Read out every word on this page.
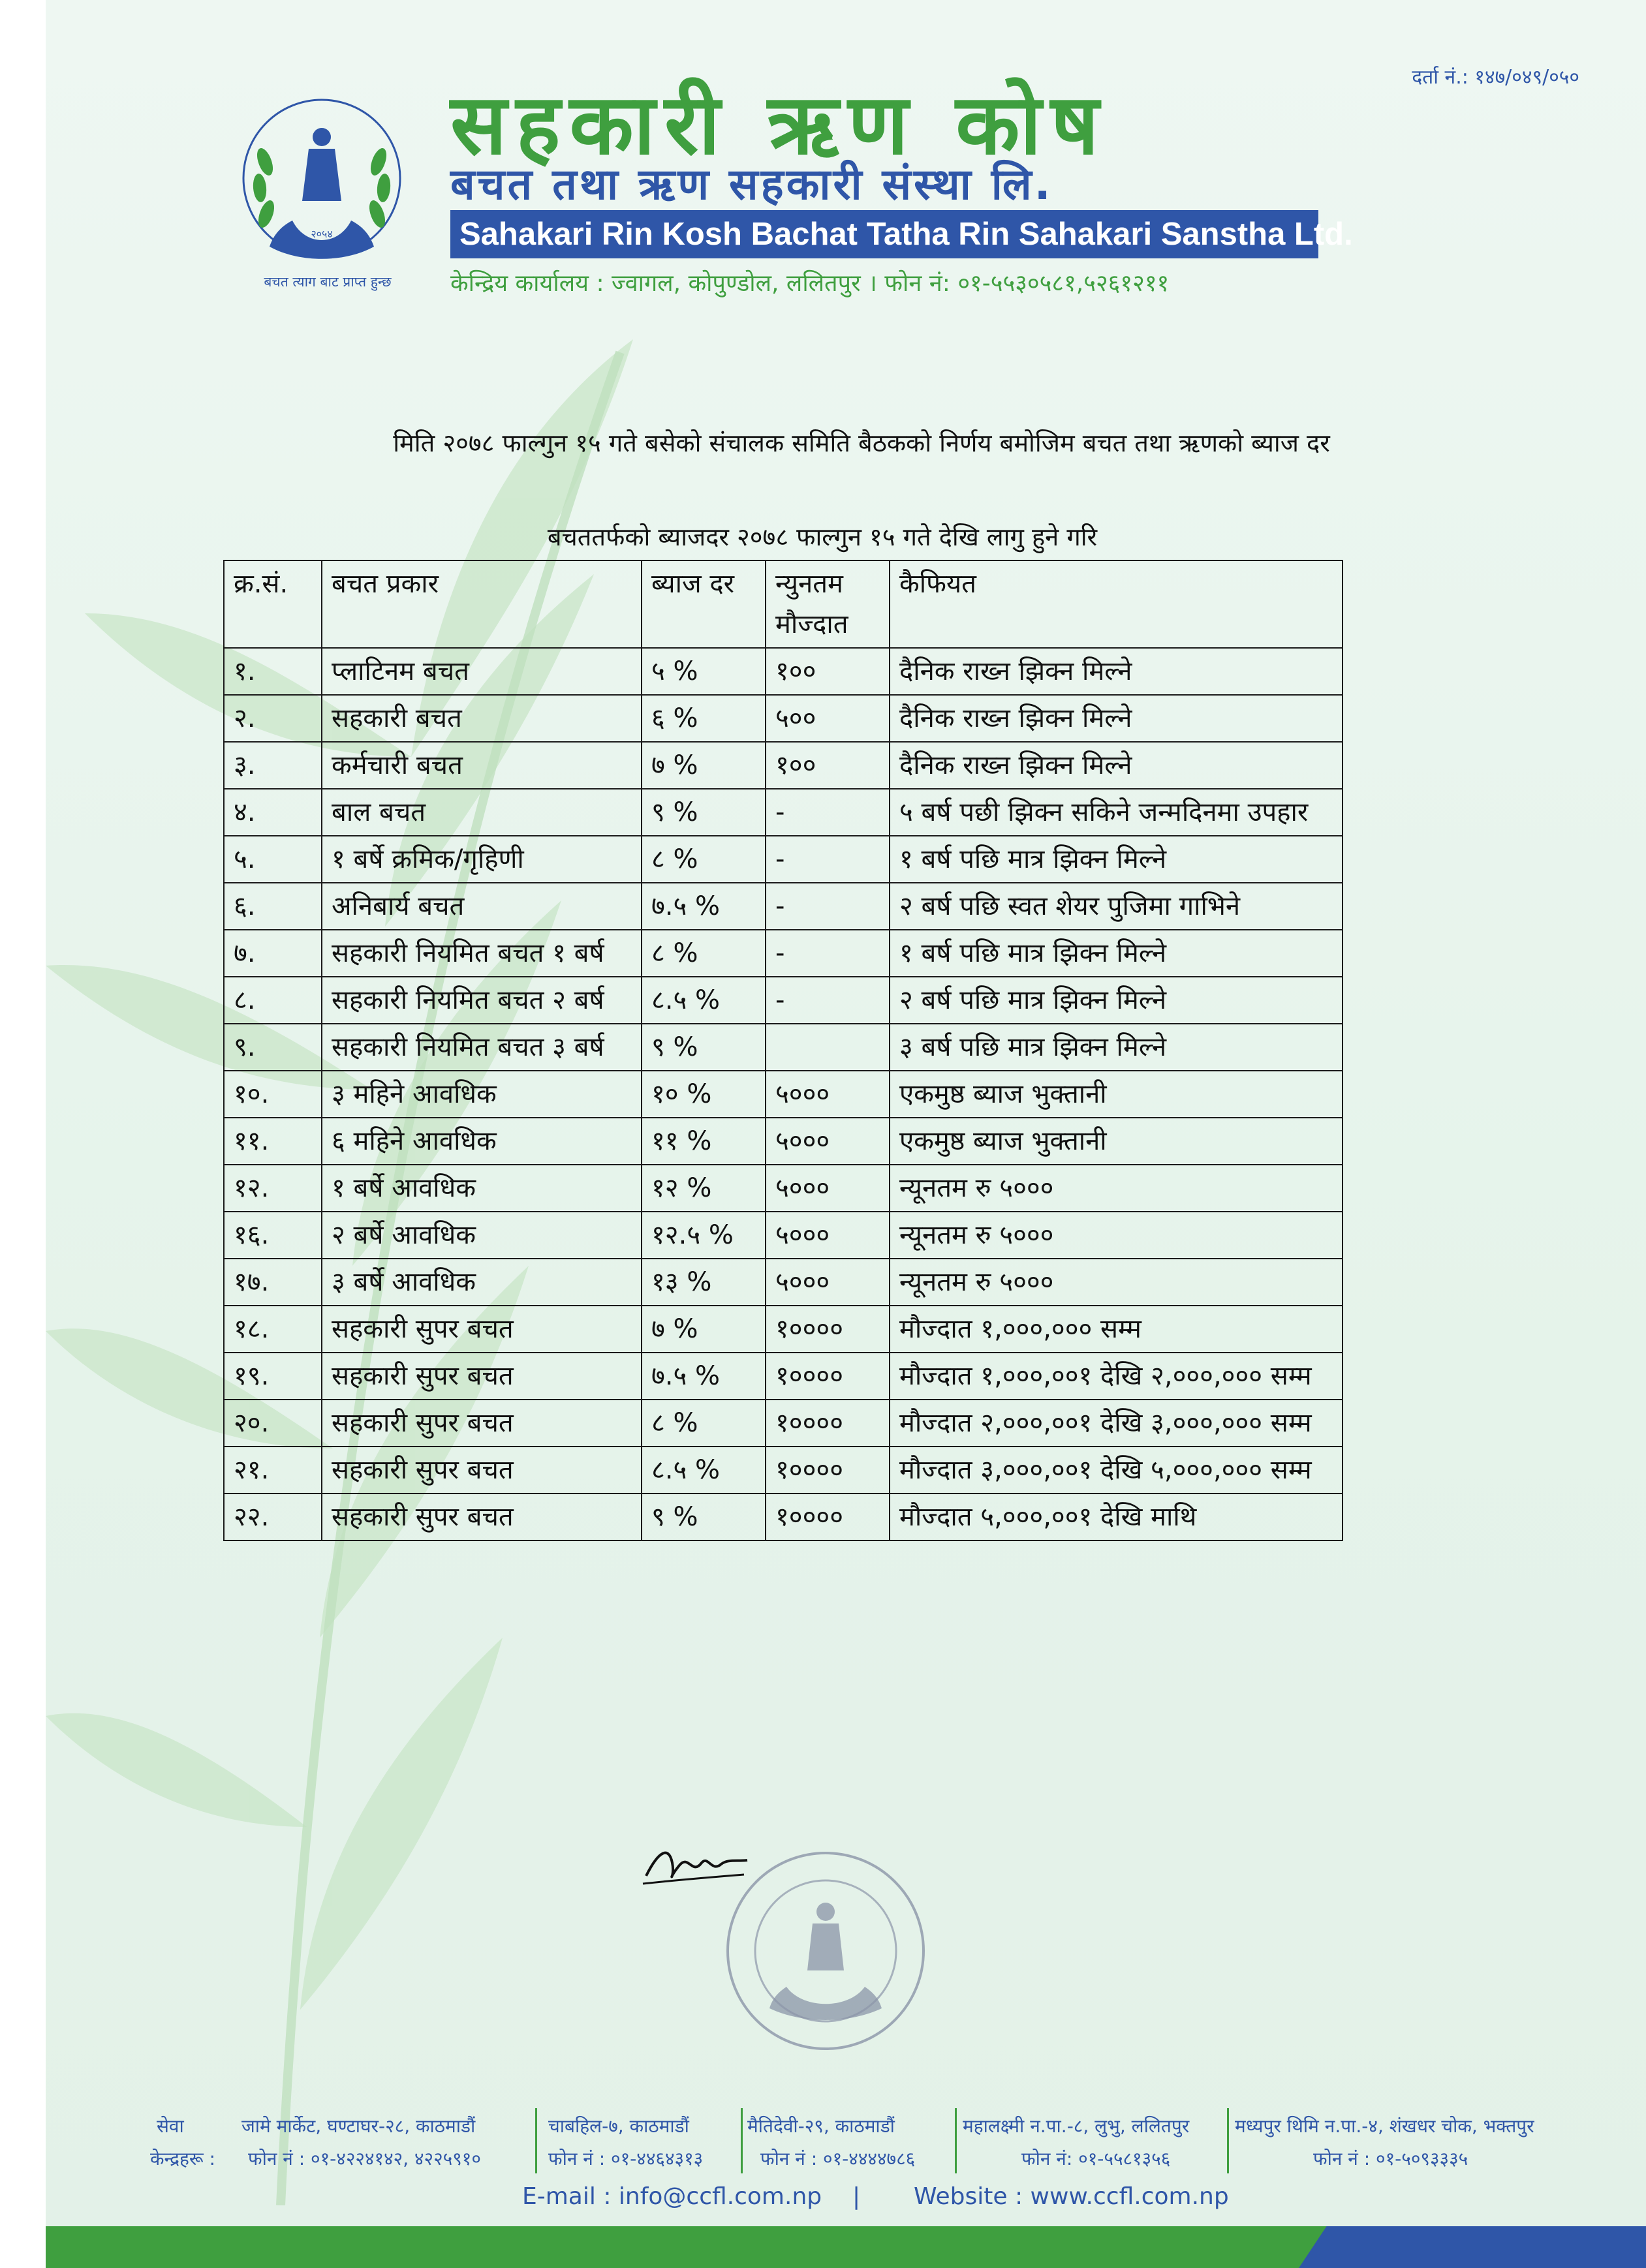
दर्ता नं.: १४७/०४९/०५०
२०५४
बचत त्याग बाट प्राप्त हुन्छ
सहकारी ऋण कोष
बचत तथा ऋण सहकारी संस्था लि.
Sahakari Rin Kosh Bachat Tatha Rin Sahakari Sanstha Ltd.
केन्द्रिय कार्यालय : ज्वागल, कोपुण्डोल, ललितपुर । फोन नं: ०१-५५३०५८१,५२६१२११
मिति २०७८ फाल्गुन १५ गते बसेको संचालक समिति बैठकको निर्णय बमोजिम बचत तथा ऋणको ब्याज दर
बचततर्फको ब्याजदर २०७८ फाल्गुन १५ गते देखि लागु हुने गरि
क्र.सं.	बचत प्रकार	ब्याज दर	न्युनतम मौज्दात	कैफियत
१.	प्लाटिनम बचत	५ %	१००	दैनिक राख्न झिक्न मिल्ने
२.	सहकारी बचत	६ %	५००	दैनिक राख्न झिक्न मिल्ने
३.	कर्मचारी बचत	७ %	१००	दैनिक राख्न झिक्न मिल्ने
४.	बाल बचत	९ %	-	५ बर्ष पछी झिक्न सकिने जन्मदिनमा उपहार
५.	१ बर्षे क्रमिक/गृहिणी	८ %	-	१ बर्ष पछि मात्र झिक्न मिल्ने
६.	अनिबार्य बचत	७.५ %	-	२ बर्ष पछि स्वत शेयर पुजिमा गाभिने
७.	सहकारी नियमित बचत १ बर्ष	८ %	-	१ बर्ष पछि मात्र झिक्न मिल्ने
८.	सहकारी नियमित बचत २ बर्ष	८.५ %	-	२ बर्ष पछि मात्र झिक्न मिल्ने
९.	सहकारी नियमित बचत ३ बर्ष	९ %		३ बर्ष पछि मात्र झिक्न मिल्ने
१०.	३ महिने आवधिक	१० %	५०००	एकमुष्ठ ब्याज भुक्तानी
११.	६ महिने आवधिक	११ %	५०००	एकमुष्ठ ब्याज भुक्तानी
१२.	१ बर्षे आवधिक	१२ %	५०००	न्यूनतम रु ५०००
१६.	२ बर्षे आवधिक	१२.५ %	५०००	न्यूनतम रु ५०००
१७.	३ बर्षे आवधिक	१३ %	५०००	न्यूनतम रु ५०००
१८.	सहकारी सुपर बचत	७ %	१००००	मौज्दात १,०००,००० सम्म
१९.	सहकारी सुपर बचत	७.५ %	१००००	मौज्दात १,०००,००१ देखि २,०००,००० सम्म
२०.	सहकारी सुपर बचत	८ %	१००००	मौज्दात २,०००,००१ देखि ३,०००,००० सम्म
२१.	सहकारी सुपर बचत	८.५ %	१००००	मौज्दात ३,०००,००१ देखि ५,०००,००० सम्म
२२.	सहकारी सुपर बचत	९ %	१००००	मौज्दात ५,०००,००१ देखि माथि
सेवा
केन्द्रहरू :
जामे मार्केट, घण्टाघर-२८, काठमाडौं
फोन नं : ०१-४२२४१४२, ४२२५९१०
चाबहिल-७, काठमाडौं
फोन नं : ०१-४४६४३१३
मैतिदेवी-२९, काठमाडौं
फोन नं : ०१-४४४४७८६
महालक्ष्मी न.पा.-८, लुभु, ललितपुर
फोन नं: ०१-५५८१३५६
मध्यपुर थिमि न.पा.-४, शंखधर चोक, भक्तपुर
फोन नं : ०१-५०९३३३५
E-mail : info@ccfl.com.np | Website : www.ccfl.com.np
